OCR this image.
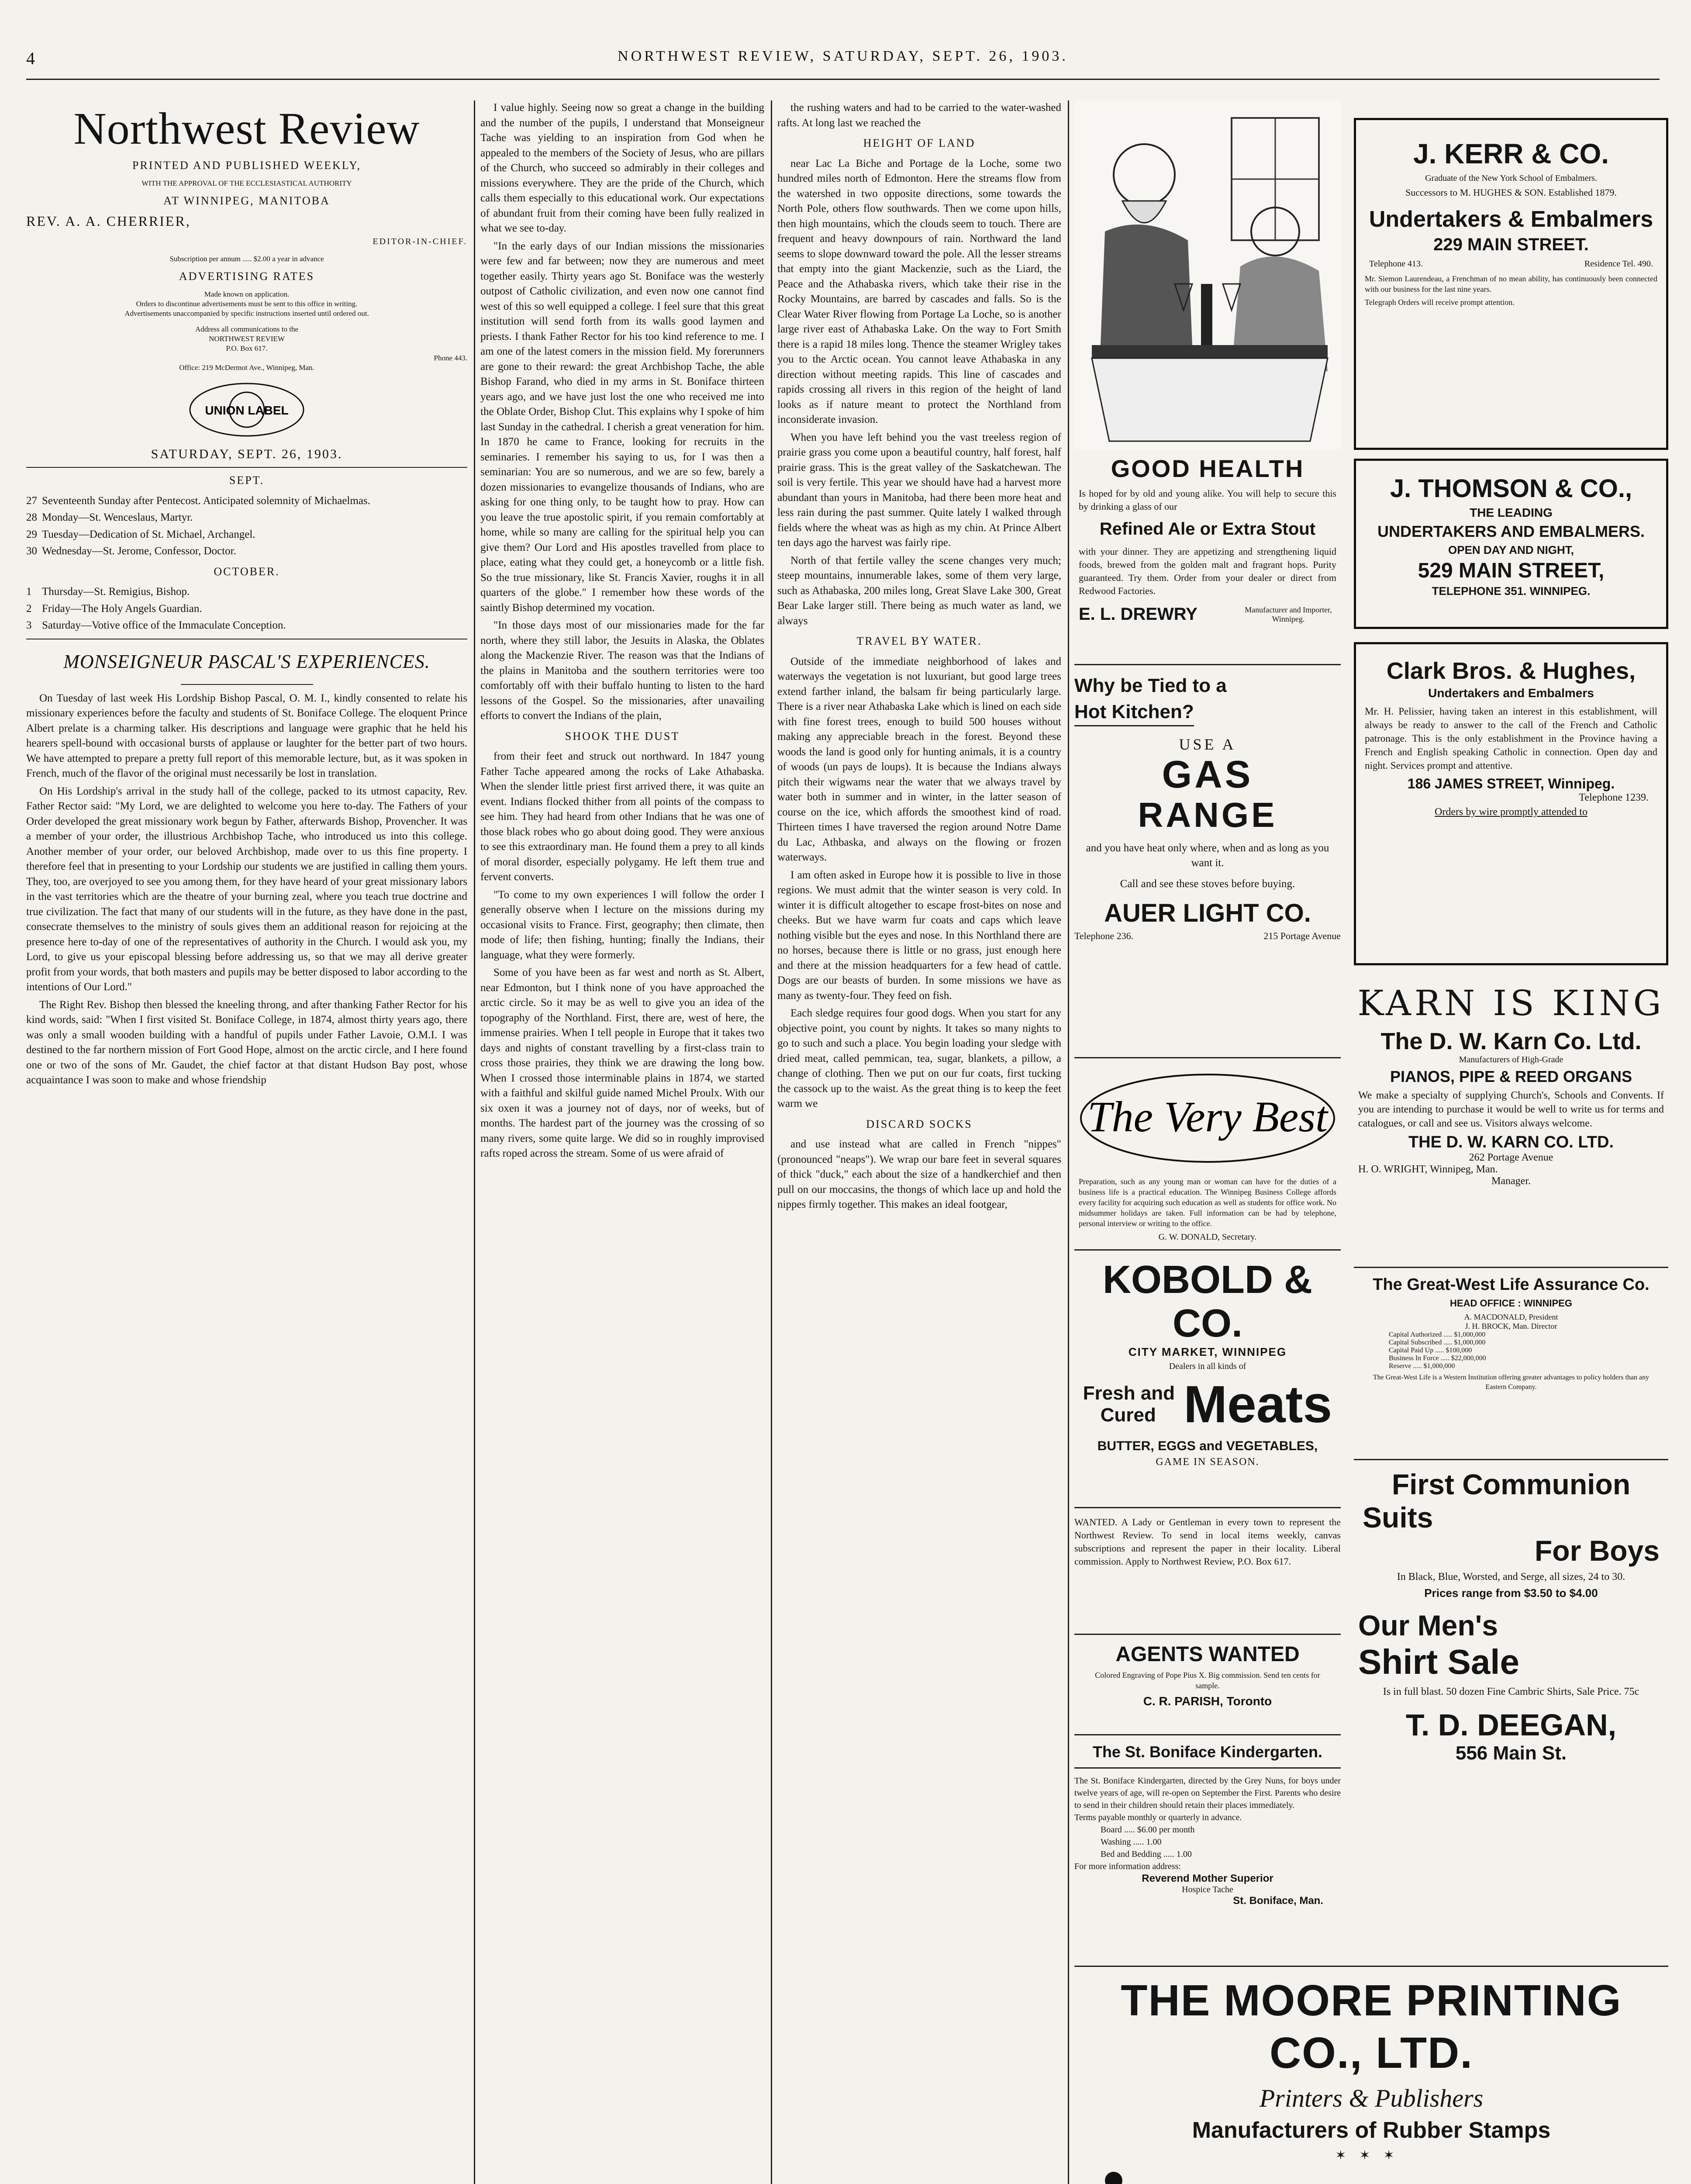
4	NORTHWEST REVIEW, SATURDAY, SEPT. 26, 1903.
Northwest Review
PRINTED AND PUBLISHED WEEKLY,
WITH THE APPROVAL OF THE ECCLESIASTICAL AUTHORITY
AT WINNIPEG, MANITOBA
REV. A. A. CHERRIER,
EDITOR-IN-CHIEF.
Subscription per annum ..... $2.00 a year in advance
ADVERTISING RATES
Made known on application.
Orders to discontinue advertisements must be sent to this office in writing.
Advertisements unaccompanied by specific instructions inserted until ordered out.
Address all communications to the
NORTHWEST REVIEW
P.O. Box 617.
Phone 443.
Office: 219 McDermot Ave., Winnipeg, Man.
UNION LABEL
SATURDAY, SEPT. 26, 1903.
SEPT.

27 Seventeenth Sunday after Pentecost. Anticipated solemnity of Michaelmas.

28 Monday—St. Wenceslaus, Martyr.

29 Tuesday—Dedication of St. Michael, Archangel.

30 Wednesday—St. Jerome, Confessor, Doctor.

OCTOBER.

1 Thursday—St. Remigius, Bishop.

2 Friday—The Holy Angels Guardian.

3 Saturday—Votive office of the Immaculate Conception.

MONSEIGNEUR PASCAL'S EXPERIENCES.

On Tuesday of last week His Lordship Bishop Pascal, O. M. I., kindly consented to relate his missionary experiences before the faculty and students of St. Boniface College. The eloquent Prince Albert prelate is a charming talker. His descriptions and language were graphic that he held his hearers spell-bound with occasional bursts of applause or laughter for the better part of two hours. We have attempted to prepare a pretty full report of this memorable lecture, but, as it was spoken in French, much of the flavor of the original must necessarily be lost in translation.

On His Lordship's arrival in the study hall of the college, packed to its utmost capacity, Rev. Father Rector said: "My Lord, we are delighted to welcome you here to-day. The Fathers of your Order developed the great missionary work begun by Father, afterwards Bishop, Provencher. It was a member of your order, the illustrious Archbishop Tache, who introduced us into this college. Another member of your order, our beloved Archbishop, made over to us this fine property. I therefore feel that in presenting to your Lordship our students we are justified in calling them yours. They, too, are overjoyed to see you among them, for they have heard of your great missionary labors in the vast territories which are the theatre of your burning zeal, where you teach true doctrine and true civilization. The fact that many of our students will in the future, as they have done in the past, consecrate themselves to the ministry of souls gives them an additional reason for rejoicing at the presence here to-day of one of the representatives of authority in the Church. I would ask you, my Lord, to give us your episcopal blessing before addressing us, so that we may all derive greater profit from your words, that both masters and pupils may be better disposed to labor according to the intentions of Our Lord."

The Right Rev. Bishop then blessed the kneeling throng, and after thanking Father Rector for his kind words, said: "When I first visited St. Boniface College, in 1874, almost thirty years ago, there was only a small wooden building with a handful of pupils under Father Lavoie, O.M.I. I was destined to the far northern mission of Fort Good Hope, almost on the arctic circle, and I here found one or two of the sons of Mr. Gaudet, the chief factor at that distant Hudson Bay post, whose acquaintance I was soon to make and whose friendship

I value highly. Seeing now so great a change in the building and the number of the pupils, I understand that Monseigneur Tache was yielding to an inspiration from God when he appealed to the members of the Society of Jesus, who are pillars of the Church, who succeed so admirably in their colleges and missions everywhere. They are the pride of the Church, which calls them especially to this educational work. Our expectations of abundant fruit from their coming have been fully realized in what we see to-day.

"In the early days of our Indian missions the missionaries were few and far between; now they are numerous and meet together easily. Thirty years ago St. Boniface was the westerly outpost of Catholic civilization, and even now one cannot find west of this so well equipped a college. I feel sure that this great institution will send forth from its walls good laymen and priests. I thank Father Rector for his too kind reference to me. I am one of the latest comers in the mission field. My forerunners are gone to their reward: the great Archbishop Tache, the able Bishop Farand, who died in my arms in St. Boniface thirteen years ago, and we have just lost the one who received me into the Oblate Order, Bishop Clut. This explains why I spoke of him last Sunday in the cathedral. I cherish a great veneration for him. In 1870 he came to France, looking for recruits in the seminaries. I remember his saying to us, for I was then a seminarian: You are so numerous, and we are so few, barely a dozen missionaries to evangelize thousands of Indians, who are asking for one thing only, to be taught how to pray. How can you leave the true apostolic spirit, if you remain comfortably at home, while so many are calling for the spiritual help you can give them? Our Lord and His apostles travelled from place to place, eating what they could get, a honeycomb or a little fish. So the true missionary, like St. Francis Xavier, roughs it in all quarters of the globe." I remember how these words of the saintly Bishop determined my vocation.

"In those days most of our missionaries made for the far north, where they still labor, the Jesuits in Alaska, the Oblates along the Mackenzie River. The reason was that the Indians of the plains in Manitoba and the southern territories were too comfortably off with their buffalo hunting to listen to the hard lessons of the Gospel. So the missionaries, after unavailing efforts to convert the Indians of the plain,

SHOOK THE DUST

from their feet and struck out northward. In 1847 young Father Tache appeared among the rocks of Lake Athabaska. When the slender little priest first arrived there, it was quite an event. Indians flocked thither from all points of the compass to see him. They had heard from other Indians that he was one of those black robes who go about doing good. They were anxious to see this extraordinary man. He found them a prey to all kinds of moral disorder, especially polygamy. He left them true and fervent converts.

"To come to my own experiences I will follow the order I generally observe when I lecture on the missions during my occasional visits to France. First, geography; then climate, then mode of life; then fishing, hunting; finally the Indians, their language, what they were formerly.

Some of you have been as far west and north as St. Albert, near Edmonton, but I think none of you have approached the arctic circle. So it may be as well to give you an idea of the topography of the Northland. First, there are, west of here, the immense prairies. When I tell people in Europe that it takes two days and nights of constant travelling by a first-class train to cross those prairies, they think we are drawing the long bow. When I crossed those interminable plains in 1874, we started with a faithful and skilful guide named Michel Proulx. With our six oxen it was a journey not of days, nor of weeks, but of months. The hardest part of the journey was the crossing of so many rivers, some quite large. We did so in roughly improvised rafts roped across the stream. Some of us were afraid of

the rushing waters and had to be carried to the water-washed rafts. At long last we reached the

HEIGHT OF LAND

near Lac La Biche and Portage de la Loche, some two hundred miles north of Edmonton. Here the streams flow from the watershed in two opposite directions, some towards the North Pole, others flow southwards. Then we come upon hills, then high mountains, which the clouds seem to touch. There are frequent and heavy downpours of rain. Northward the land seems to slope downward toward the pole. All the lesser streams that empty into the giant Mackenzie, such as the Liard, the Peace and the Athabaska rivers, which take their rise in the Rocky Mountains, are barred by cascades and falls. So is the Clear Water River flowing from Portage La Loche, so is another large river east of Athabaska Lake. On the way to Fort Smith there is a rapid 18 miles long. Thence the steamer Wrigley takes you to the Arctic ocean. You cannot leave Athabaska in any direction without meeting rapids. This line of cascades and rapids crossing all rivers in this region of the height of land looks as if nature meant to protect the Northland from inconsiderate invasion.

When you have left behind you the vast treeless region of prairie grass you come upon a beautiful country, half forest, half prairie grass. This is the great valley of the Saskatchewan. The soil is very fertile. This year we should have had a harvest more abundant than yours in Manitoba, had there been more heat and less rain during the past summer. Quite lately I walked through fields where the wheat was as high as my chin. At Prince Albert ten days ago the harvest was fairly ripe.

North of that fertile valley the scene changes very much; steep mountains, innumerable lakes, some of them very large, such as Athabaska, 200 miles long, Great Slave Lake 300, Great Bear Lake larger still. There being as much water as land, we always

TRAVEL BY WATER.

Outside of the immediate neighborhood of lakes and waterways the vegetation is not luxuriant, but good large trees extend farther inland, the balsam fir being particularly large. There is a river near Athabaska Lake which is lined on each side with fine forest trees, enough to build 500 houses without making any appreciable breach in the forest. Beyond these woods the land is good only for hunting animals, it is a country of woods (un pays de loups). It is because the Indians always pitch their wigwams near the water that we always travel by water both in summer and in winter, in the latter season of course on the ice, which affords the smoothest kind of road. Thirteen times I have traversed the region around Notre Dame du Lac, Athbaska, and always on the flowing or frozen waterways.

I am often asked in Europe how it is possible to live in those regions. We must admit that the winter season is very cold. In winter it is difficult altogether to escape frost-bites on nose and cheeks. But we have warm fur coats and caps which leave nothing visible but the eyes and nose. In this Northland there are no horses, because there is little or no grass, just enough here and there at the mission headquarters for a few head of cattle. Dogs are our beasts of burden. In some missions we have as many as twenty-four. They feed on fish.

Each sledge requires four good dogs. When you start for any objective point, you count by nights. It takes so many nights to go to such and such a place. You begin loading your sledge with dried meat, called pemmican, tea, sugar, blankets, a pillow, a change of clothing. Then we put on our fur coats, first tucking the cassock up to the waist. As the great thing is to keep the feet warm we

DISCARD SOCKS

and use instead what are called in French "nippes" (pronounced "neaps"). We wrap our bare feet in several squares of thick "duck," each about the size of a handkerchief and then pull on our moccasins, the thongs of which lace up and hold the nippes firmly together. This makes an ideal footgear,

GOOD HEALTH
Is hoped for by old and young alike. You will help to secure this by drinking a glass of our
Refined Ale or Extra Stout
with your dinner. They are appetizing and strengthening liquid foods, brewed from the golden malt and fragrant hops. Purity guaranteed. Try them. Order from your dealer or direct from Redwood Factories.
E. L. DREWRY	Manufacturer and Importer, Winnipeg.
Why be Tied to a
Hot Kitchen?
USE A
GAS
RANGE
and you have heat only where, when and as long as you want it.
Call and see these stoves before buying.
AUER LIGHT CO.
Telephone 236.	215 Portage Avenue
The Very Best
Preparation, such as any young man or woman can have for the duties of a business life is a practical education. The Winnipeg Business College affords every facility for acquiring such education as well as students for office work. No midsummer holidays are taken. Full information can be had by telephone, personal interview or writing to the office.
G. W. DONALD, Secretary.
KOBOLD & CO.
CITY MARKET, WINNIPEG
Dealers in all kinds of
Fresh and
Cured Meats
BUTTER, EGGS and VEGETABLES,
GAME IN SEASON.
WANTED. A Lady or Gentleman in every town to represent the Northwest Review. To send in local items weekly, canvas subscriptions and represent the paper in their locality. Liberal commission. Apply to Northwest Review, P.O. Box 617.
AGENTS WANTED
Colored Engraving of Pope Pius X. Big commission. Send ten cents for sample.
C. R. PARISH, Toronto
The St. Boniface Kindergarten.
The St. Boniface Kindergarten, directed by the Grey Nuns, for boys under twelve years of age, will re-open on September the First. Parents who desire to send in their children should retain their places immediately.
Terms payable monthly or quarterly in advance.
Board ..... $6.00 per month
Washing ..... 1.00
Bed and Bedding ..... 1.00
For more information address:
Reverend Mother Superior
Hospice Tache
St. Boniface, Man.
J. KERR & CO.
Graduate of the New York School of Embalmers.
Successors to M. HUGHES & SON. Established 1879.
Undertakers & Embalmers
229 MAIN STREET.
Telephone 413.	Residence Tel. 490.
Mr. Siemon Laurendeau, a Frenchman of no mean ability, has continuously been connected with our business for the last nine years.
Telegraph Orders will receive prompt attention.
J. THOMSON & CO.,
THE LEADING
UNDERTAKERS AND EMBALMERS.
OPEN DAY AND NIGHT,
529 MAIN STREET,
TELEPHONE 351. WINNIPEG.
Clark Bros. & Hughes,
Undertakers and Embalmers
Mr. H. Pelissier, having taken an interest in this establishment, will always be ready to answer to the call of the French and Catholic patronage. This is the only establishment in the Province having a French and English speaking Catholic in connection. Open day and night. Services prompt and attentive.
186 JAMES STREET, Winnipeg.
Telephone 1239.
Orders by wire promptly attended to
KARN IS KING
The D. W. Karn Co. Ltd.
Manufacturers of High-Grade
PIANOS, PIPE & REED ORGANS
We make a specialty of supplying Church's, Schools and Convents. If you are intending to purchase it would be well to write us for terms and catalogues, or call and see us. Visitors always welcome.
THE D. W. KARN CO. LTD.
262 Portage Avenue
H. O. WRIGHT, Winnipeg, Man.
Manager.
The Great-West Life Assurance Co.
HEAD OFFICE : WINNIPEG
A. MACDONALD, President
J. H. BROCK, Man. Director
Capital Authorized ..... $1,000,000
Capital Subscribed ..... $1,000,000
Capital Paid Up ..... $100,000
Business In Force ..... $22,000,000
Reserve ..... $1,000,000
The Great-West Life is a Western Institution offering greater advantages to policy holders than any Eastern Company.
First Communion
Suits
For Boys
In Black, Blue, Worsted, and Serge, all sizes, 24 to 30.
Prices range from $3.50 to $4.00
Our Men's
Shirt Sale
Is in full blast. 50 dozen Fine Cambric Shirts, Sale Price. 75c
T. D. DEEGAN,
556 Main St.
THE MOORE PRINTING CO., LTD.
Printers & Publishers
Manufacturers of Rubber Stamps
✶✶✶
